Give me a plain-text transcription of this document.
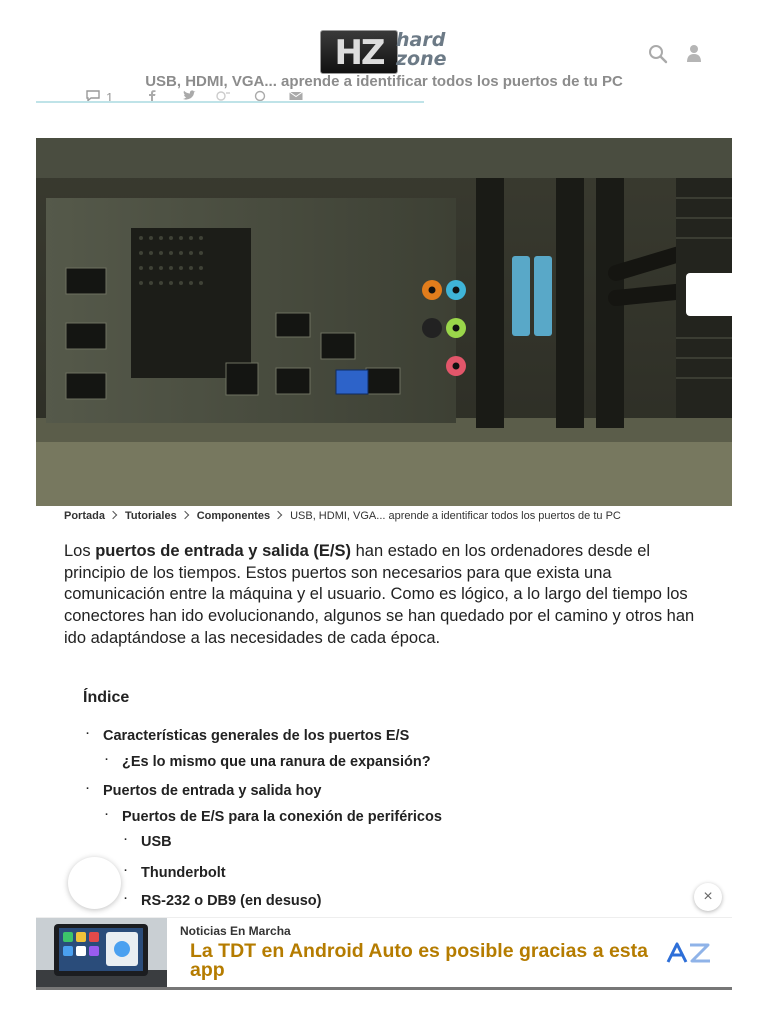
HZ hard
zone
USB, HDMI, VGA... aprende a identificar todos los puertos de tu PC
1
Portada Tutoriales Componentes USB, HDMI, VGA... aprende a identificar todos los puertos de tu PC

Los puertos de entrada y salida (E/S) han estado en los ordenadores desde el principio de los tiempos. Estos puertos son necesarios para que exista una comunicación entre la máquina y el usuario. Como es lógico, a lo largo del tiempo los conectores han ido evolucionando, algunos se han quedado por el camino y otros han ido adaptándose a las necesidades de cada época.

Índice
· Características generales de los puertos E/S
· ¿Es lo mismo que una ranura de expansión?
· Puertos de entrada y salida hoy
· Puertos de E/S para la conexión de periféricos
· USB
· Thunderbolt
· RS-232 o DB9 (en desuso)	×
Noticias En Marcha
La TDT en Android Auto es posible gracias a esta app
